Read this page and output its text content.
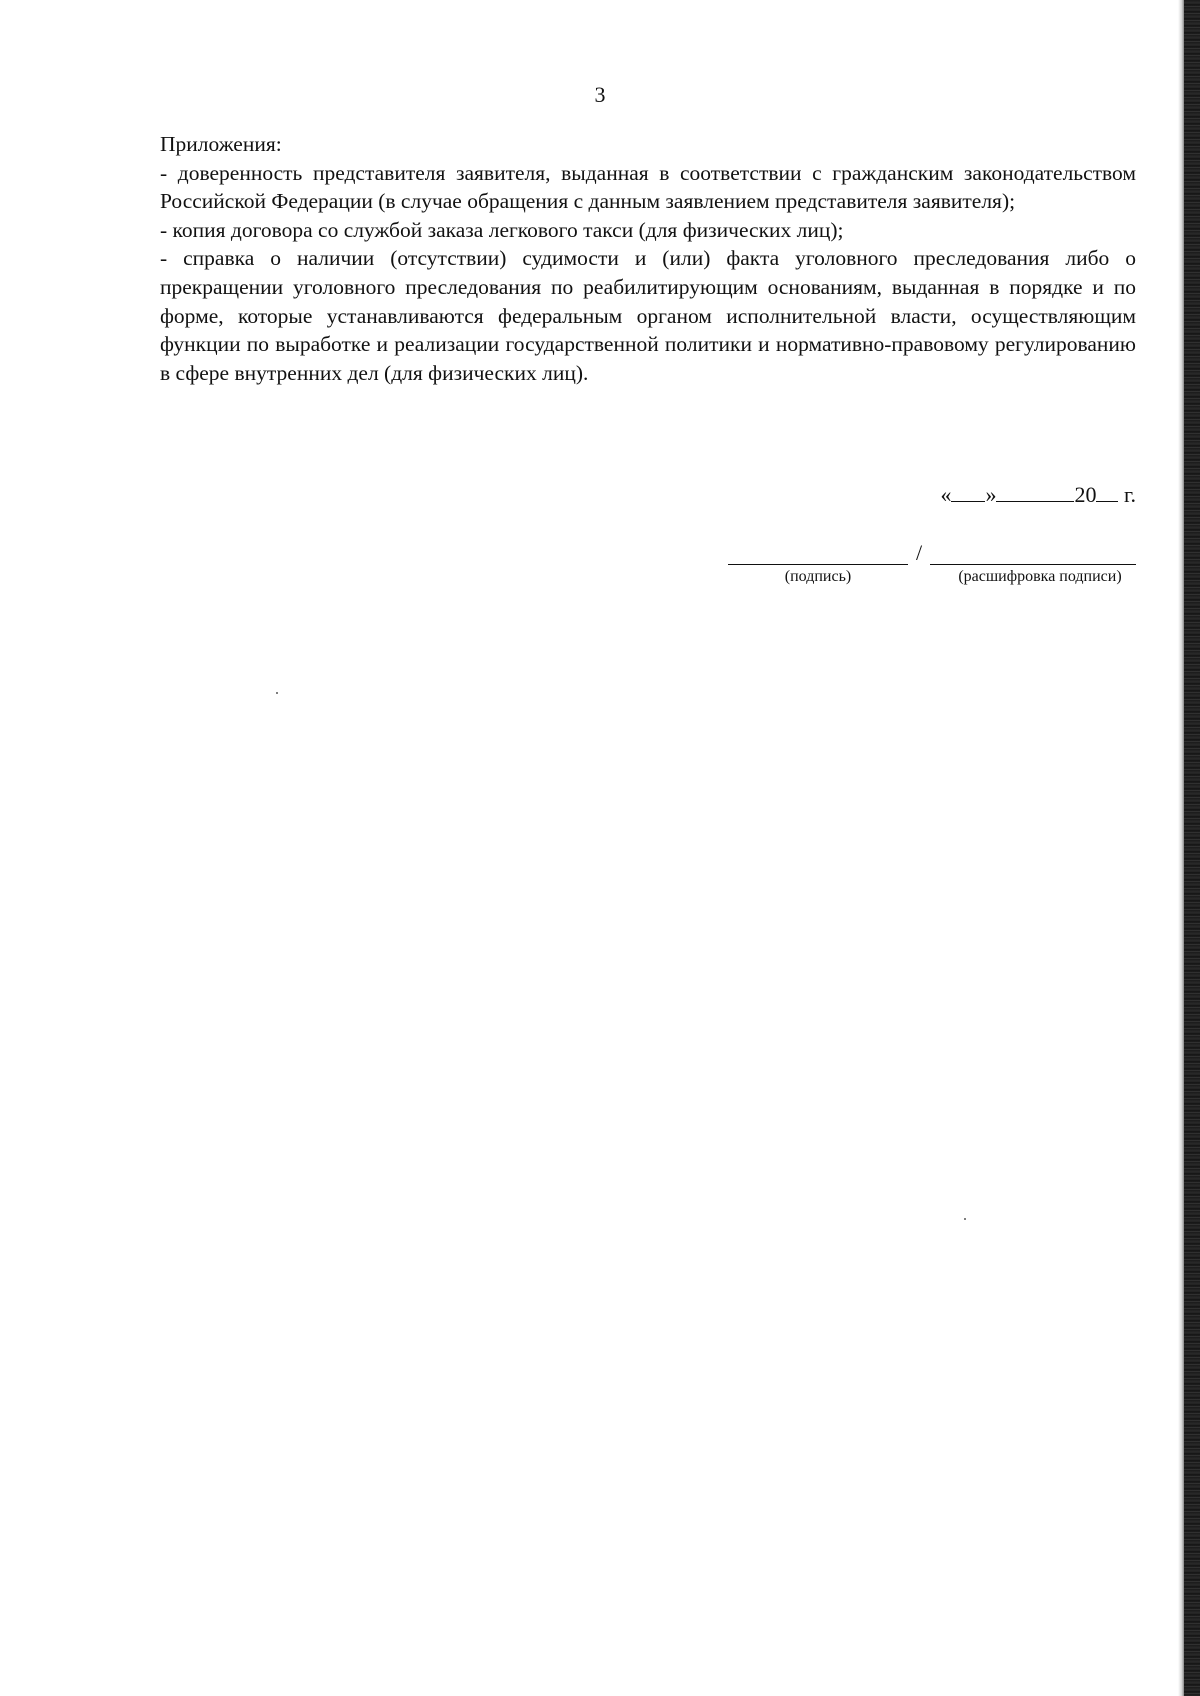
3

Приложения:

- доверенность представителя заявителя, выданная в соответствии с гражданским законодательством Российской Федерации (в случае обращения с данным заявлением представителя заявителя);

- копия договора со службой заказа легкового такси (для физических лиц);

- справка о наличии (отсутствии) судимости и (или) факта уголовного преследования либо о прекращении уголовного преследования по реабилитирующим основаниям, выданная в порядке и по форме, которые устанавливаются федеральным органом исполнительной власти, осуществляющим функции по выработке и реализации государственной политики и нормативно-правовому регулированию в сфере внутренних дел (для физических лиц).

« »	20 г.
/
(подпись)	(расшифровка подписи)
